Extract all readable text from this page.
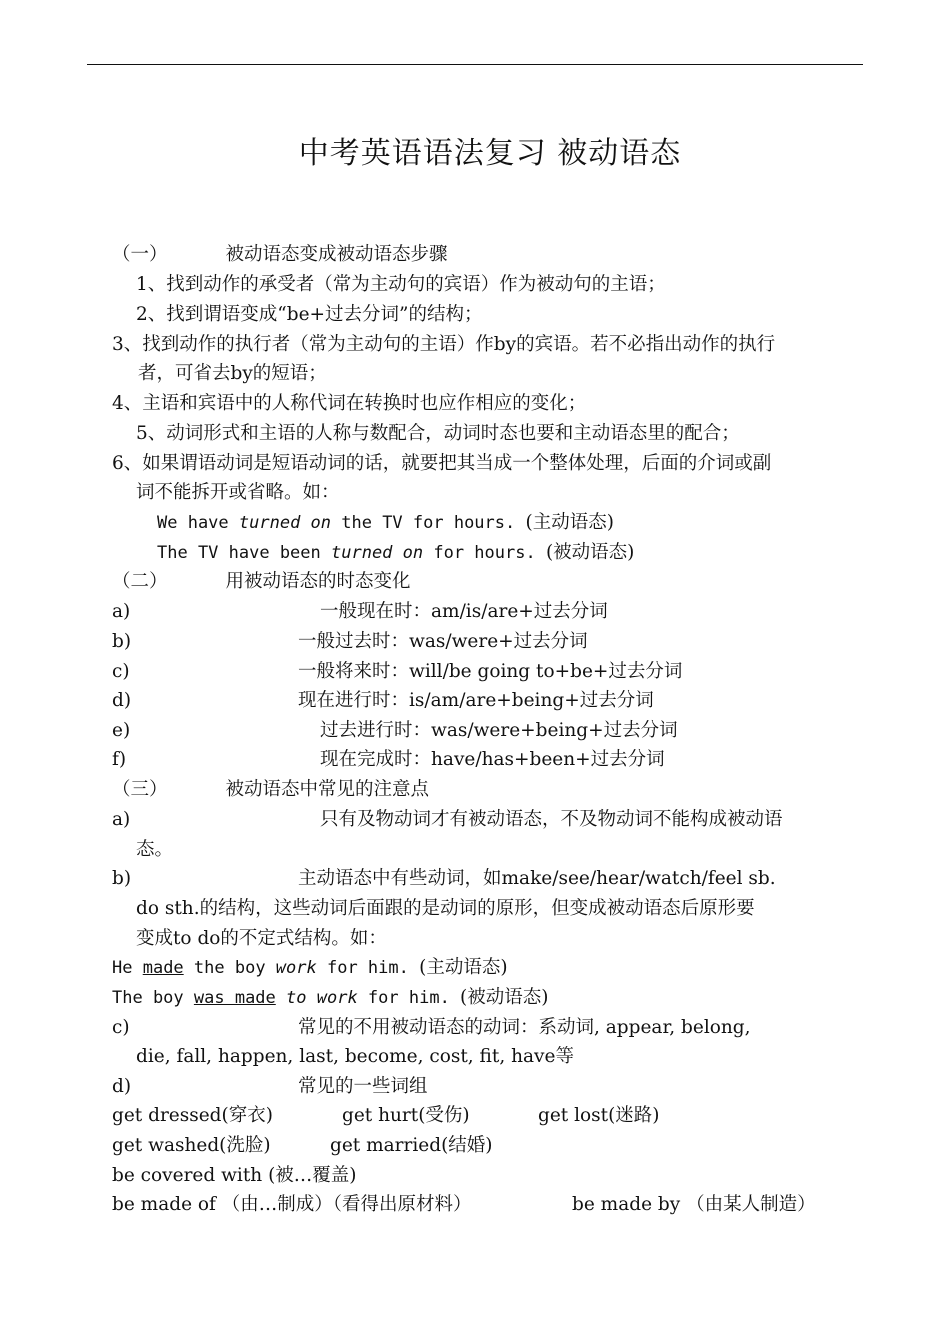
中考英语语法复习 被动语态
（一）	被动语态变成被动语态步骤
1、找到动作的承受者（常为主动句的宾语）作为被动句的主语；
2、找到谓语变成“be+过去分词”的结构；
3、找到动作的执行者（常为主动句的主语）作by的宾语。若不必指出动作的执行
者，可省去by的短语；
4、主语和宾语中的人称代词在转换时也应作相应的变化；
5、动词形式和主语的人称与数配合，动词时态也要和主动语态里的配合；
6、如果谓语动词是短语动词的话，就要把其当成一个整体处理，后面的介词或副
词不能拆开或省略。如：
We have turned on the TV for hours. (主动语态)
The TV have been turned on for hours. (被动语态)
（二）	用被动语态的时态变化
a)	一般现在时：am/is/are+过去分词
b)	一般过去时：was/were+过去分词
c)	一般将来时：will/be going to+be+过去分词
d)	现在进行时：is/am/are+being+过去分词
e)	过去进行时：was/were+being+过去分词
f)	现在完成时：have/has+been+过去分词
（三）	被动语态中常见的注意点
a)	只有及物动词才有被动语态，不及物动词不能构成被动语
态。
b)	主动语态中有些动词，如make/see/hear/watch/feel sb.
do sth.的结构，这些动词后面跟的是动词的原形，但变成被动语态后原形要
变成to do的不定式结构。如：
He made the boy work for him. (主动语态)
The boy was made to work for him. (被动语态)
c)	常见的不用被动语态的动词：系动词, appear, belong,
die, fall, happen, last, become, cost, fit, have等
d)	常见的一些词组
get dressed(穿衣)	get hurt(受伤)	get lost(迷路)
get washed(洗脸)	get married(结婚)
be covered with (被…覆盖)
be made of （由…制成）（看得出原材料）	be made by （由某人制造）
